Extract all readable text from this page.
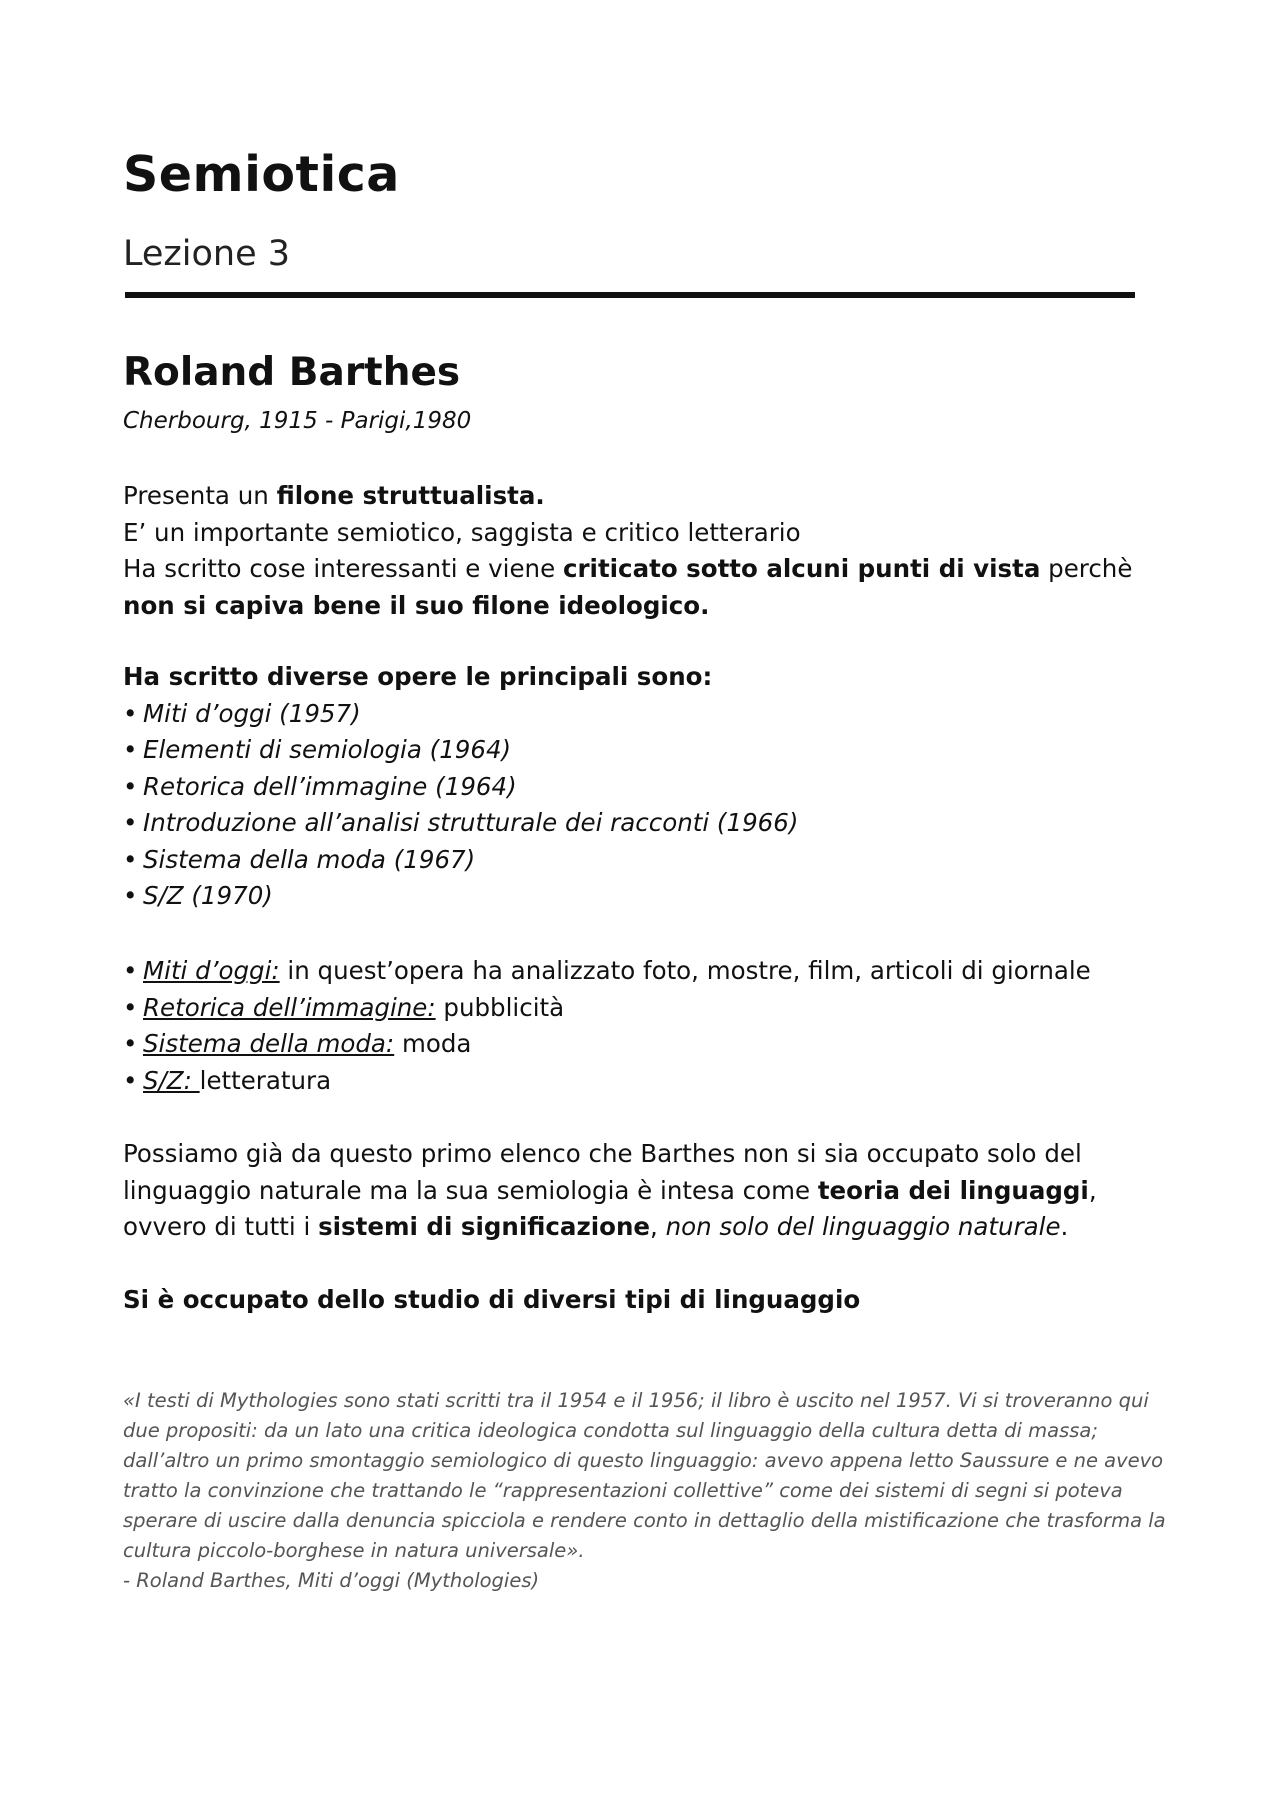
Semiotica
Lezione 3
Roland Barthes

Cherbourg, 1915 - Parigi,1980

Presenta un filone struttualista.

E’ un importante semiotico, saggista e critico letterario

Ha scritto cose interessanti e viene criticato sotto alcuni punti di vista perchè non si capiva bene il suo filone ideologico.

Ha scritto diverse opere le principali sono:

• Miti d’oggi (1957)
• Elementi di semiologia (1964)
• Retorica dell’immagine (1964)
• Introduzione all’analisi strutturale dei racconti (1966)
• Sistema della moda (1967)
• S/Z (1970)
• Miti d’oggi: in quest’opera ha analizzato foto, mostre, film, articoli di giornale
• Retorica dell’immagine: pubblicità
• Sistema della moda: moda
• S/Z: letteratura

Possiamo già da questo primo elenco che Barthes non si sia occupato solo del linguaggio naturale ma la sua semiologia è intesa come teoria dei linguaggi, ovvero di tutti i sistemi di significazione, non solo del linguaggio naturale.

Si è occupato dello studio di diversi tipi di linguaggio

«I testi di Mythologies sono stati scritti tra il 1954 e il 1956; il libro è uscito nel 1957. Vi si troveranno qui due propositi: da un lato una critica ideologica condotta sul linguaggio della cultura detta di massa; dall’altro un primo smontaggio semiologico di questo linguaggio: avevo appena letto Saussure e ne avevo tratto la convinzione che trattando le “rappresentazioni collettive” come dei sistemi di segni si poteva sperare di uscire dalla denuncia spicciola e rendere conto in dettaglio della mistificazione che trasforma la cultura piccolo-borghese in natura universale».

- Roland Barthes, Miti d’oggi (Mythologies)
